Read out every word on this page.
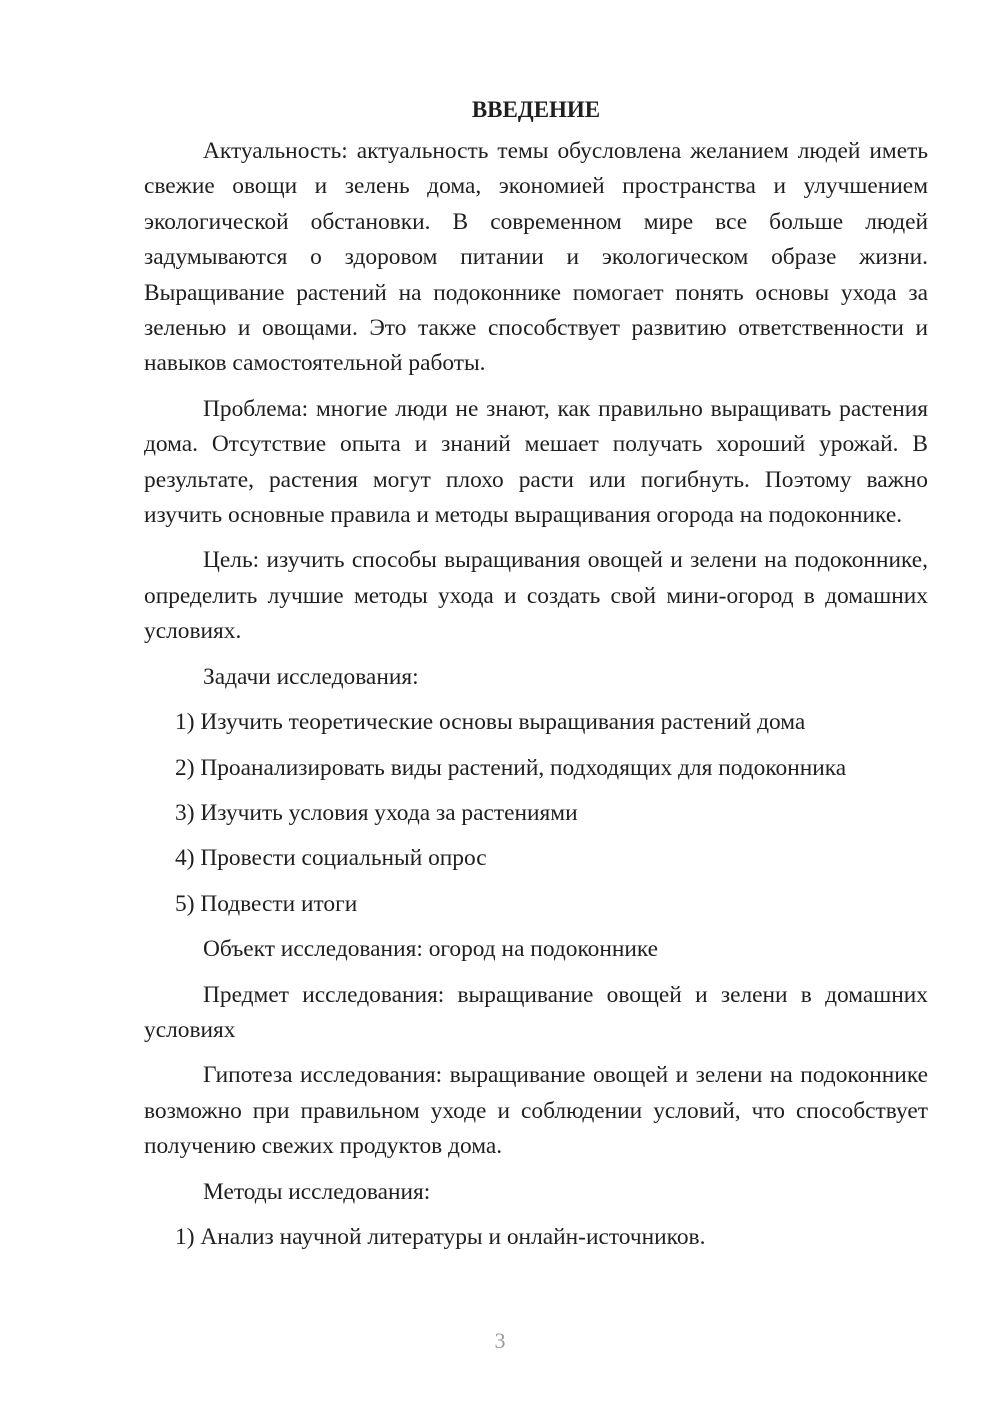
ВВЕДЕНИЕ

Актуальность: актуальность темы обусловлена желанием людей иметь свежие овощи и зелень дома, экономией пространства и улучшением экологической обстановки. В современном мире все больше людей задумываются о здоровом питании и экологическом образе жизни. Выращивание растений на подоконнике помогает понять основы ухода за зеленью и овощами. Это также способствует развитию ответственности и навыков самостоятельной работы.

Проблема: многие люди не знают, как правильно выращивать растения дома. Отсутствие опыта и знаний мешает получать хороший урожай. В результате, растения могут плохо расти или погибнуть. Поэтому важно изучить основные правила и методы выращивания огорода на подоконнике.

Цель: изучить способы выращивания овощей и зелени на подоконнике, определить лучшие методы ухода и создать свой мини-огород в домашних условиях.

Задачи исследования:
1) Изучить теоретические основы выращивания растений дома
2) Проанализировать виды растений, подходящих для подоконника
3) Изучить условия ухода за растениями
4) Провести социальный опрос
5) Подвести итоги
Объект исследования: огород на подоконнике

Предмет исследования: выращивание овощей и зелени в домашних условиях

Гипотеза исследования: выращивание овощей и зелени на подоконнике возможно при правильном уходе и соблюдении условий, что способствует получению свежих продуктов дома.

Методы исследования:
1) Анализ научной литературы и онлайн-источников.
3
